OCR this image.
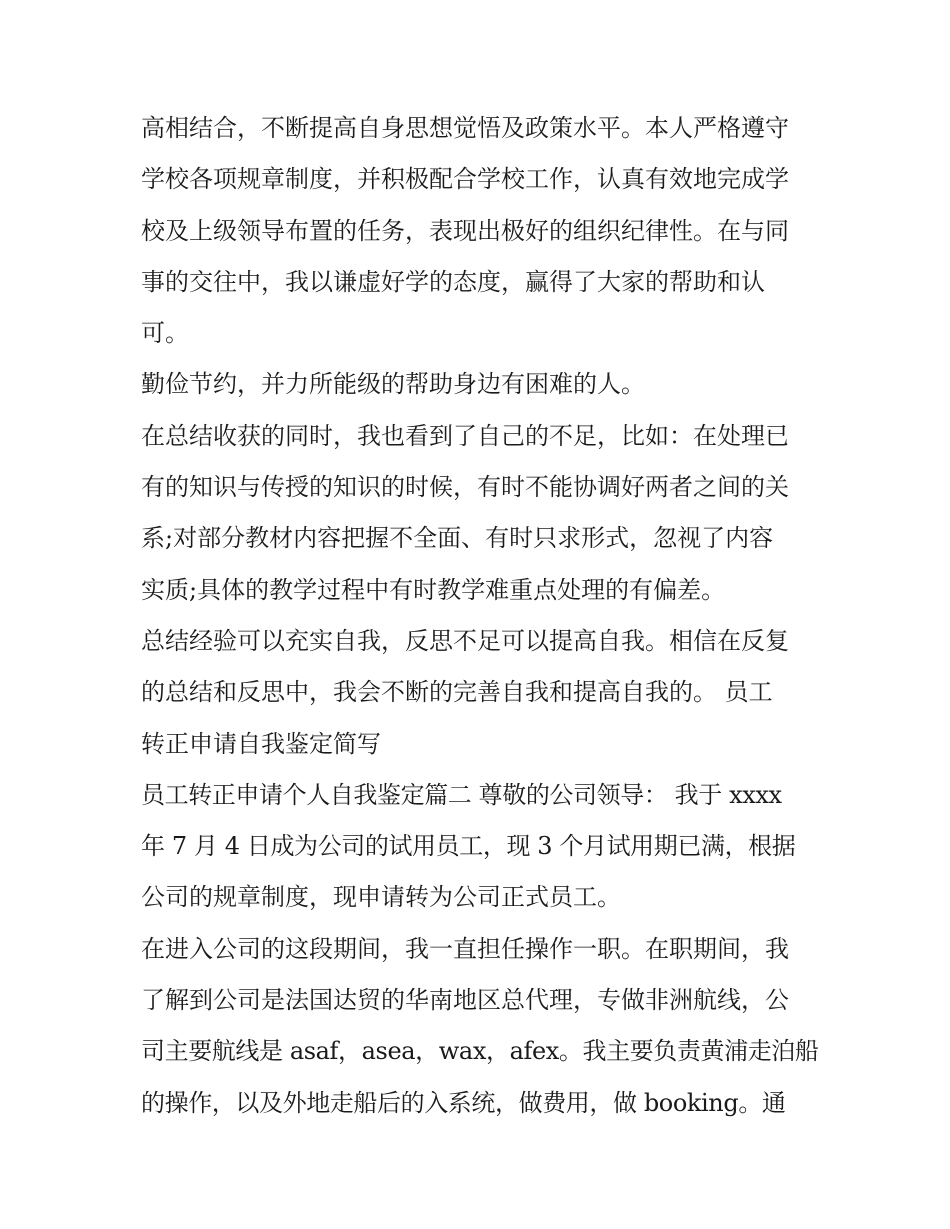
高相结合，不断提高自身思想觉悟及政策水平。本人严格遵守
学校各项规章制度，并积极配合学校工作，认真有效地完成学
校及上级领导布置的任务，表现出极好的组织纪律性。在与同
事的交往中，我以谦虚好学的态度，赢得了大家的帮助和认
可。
勤俭节约，并力所能级的帮助身边有困难的人。
在总结收获的同时，我也看到了自己的不足，比如：在处理已
有的知识与传授的知识的时候，有时不能协调好两者之间的关
系;对部分教材内容把握不全面、有时只求形式，忽视了内容
实质;具体的教学过程中有时教学难重点处理的有偏差。
总结经验可以充实自我，反思不足可以提高自我。相信在反复
的总结和反思中，我会不断的完善自我和提高自我的。 员工
转正申请自我鉴定简写
员工转正申请个人自我鉴定篇二 尊敬的公司领导： 我于 xxxx
年 7 月 4 日成为公司的试用员工，现 3 个月试用期已满，根据
公司的规章制度，现申请转为公司正式员工。
在进入公司的这段期间，我一直担任操作一职。在职期间，我
了解到公司是法国达贸的华南地区总代理，专做非洲航线，公
司主要航线是 asaf，asea，wax，afex。我主要负责黄浦走泊船
的操作，以及外地走船后的入系统，做费用，做 booking。通
